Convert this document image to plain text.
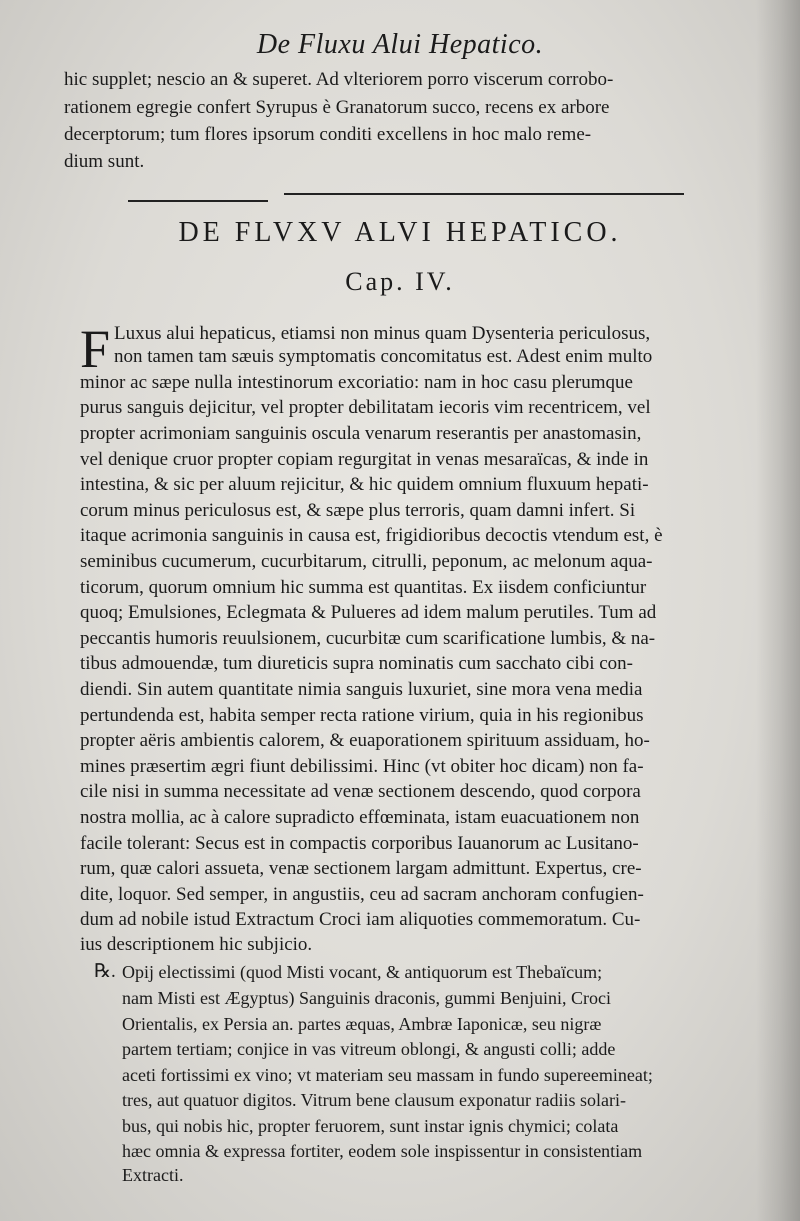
De Fluxu Alui Hepatico.
hic supplet; nescio an & superet. Ad vlteriorem porro viscerum corrobo-
rationem egregie confert Syrupus è Granatorum succo, recens ex arbore
decerptorum; tum flores ipsorum conditi excellens in hoc malo reme-
dium sunt.
DE FLVXV ALVI HEPATICO.
Cap. IV.
F Luxus alui hepaticus, etiamsi non minus quam Dysenteria periculosus,
non tamen tam sæuis symptomatis concomitatus est. Adest enim multo
minor ac sæpe nulla intestinorum excoriatio: nam in hoc casu plerumque
purus sanguis dejicitur, vel propter debilitatam iecoris vim recentricem, vel
propter acrimoniam sanguinis oscula venarum reserantis per anastomasin,
vel denique cruor propter copiam regurgitat in venas mesaraïcas, & inde in
intestina, & sic per aluum rejicitur, & hic quidem omnium fluxuum hepati-
corum minus periculosus est, & sæpe plus terroris, quam damni infert. Si
itaque acrimonia sanguinis in causa est, frigidioribus decoctis vtendum est, è
seminibus cucumerum, cucurbitarum, citrulli, peponum, ac melonum aqua-
ticorum, quorum omnium hic summa est quantitas. Ex iisdem conficiuntur
quoq; Emulsiones, Eclegmata & Pulueres ad idem malum perutiles. Tum ad
peccantis humoris reuulsionem, cucurbitæ cum scarificatione lumbis, & na-
tibus admouendæ, tum diureticis supra nominatis cum sacchato cibi con-
diendi. Sin autem quantitate nimia sanguis luxuriet, sine mora vena media
pertundenda est, habita semper recta ratione virium, quia in his regionibus
propter aëris ambientis calorem, & euaporationem spirituum assiduam, ho-
mines præsertim ægri fiunt debilissimi. Hinc (vt obiter hoc dicam) non fa-
cile nisi in summa necessitate ad venæ sectionem descendo, quod corpora
nostra mollia, ac à calore supradicto effœminata, istam euacuationem non
facile tolerant: Secus est in compactis corporibus Iauanorum ac Lusitano-
rum, quæ calori assueta, venæ sectionem largam admittunt. Expertus, cre-
dite, loquor. Sed semper, in angustiis, ceu ad sacram anchoram confugien-
dum ad nobile istud Extractum Croci iam aliquoties commemoratum. Cu-
ius descriptionem hic subjicio.
℞. Opij electissimi (quod Misti vocant, & antiquorum est Thebaïcum;
nam Misti est Ægyptus) Sanguinis draconis, gummi Benjuini, Croci
Orientalis, ex Persia an. partes æquas, Ambræ Iaponicæ, seu nigræ
partem tertiam; conjice in vas vitreum oblongi, & angusti colli; adde
aceti fortissimi ex vino; vt materiam seu massam in fundo supereemineat;
tres, aut quatuor digitos. Vitrum bene clausum exponatur radiis solari-
bus, qui nobis hic, propter feruorem, sunt instar ignis chymici; colata
hæc omnia & expressa fortiter, eodem sole inspissentur in consistentiam
Extracti.
